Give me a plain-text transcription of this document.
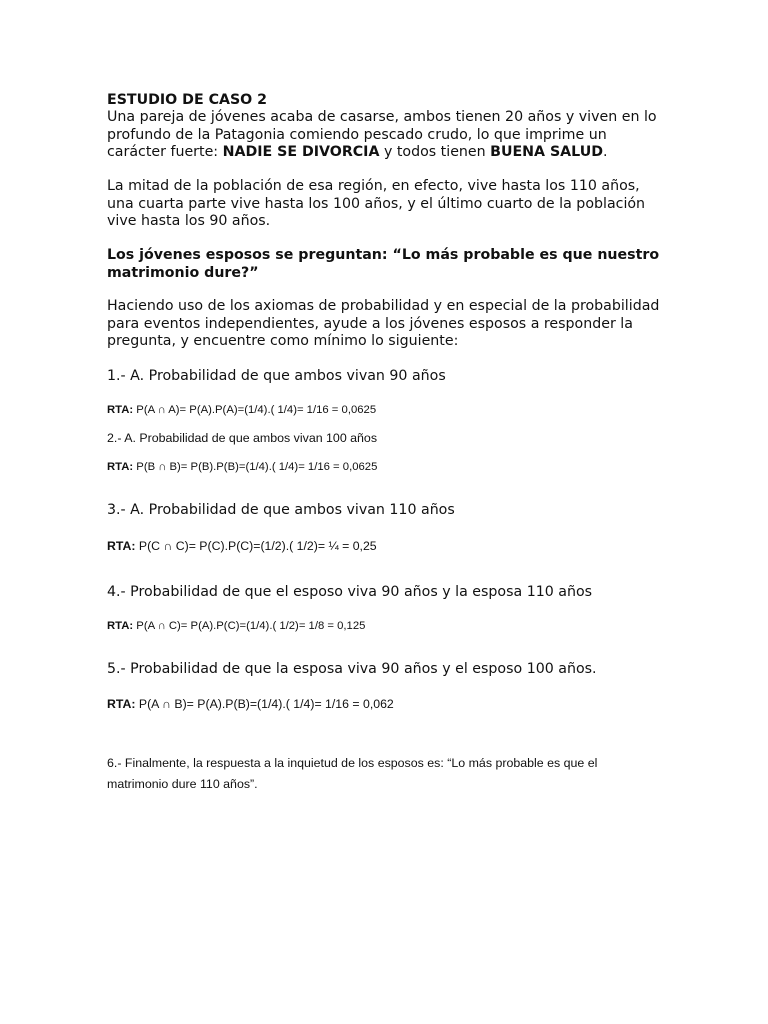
ESTUDIO DE CASO 2

Una pareja de jóvenes acaba de casarse, ambos tienen 20 años y viven en lo profundo de la Patagonia comiendo pescado crudo, lo que imprime un carácter fuerte: NADIE SE DIVORCIA y todos tienen BUENA SALUD.

La mitad de la población de esa región, en efecto, vive hasta los 110 años, una cuarta parte vive hasta los 100 años, y el último cuarto de la población vive hasta los 90 años.

Los jóvenes esposos se preguntan: “Lo más probable es que nuestro matrimonio dure?”

Haciendo uso de los axiomas de probabilidad y en especial de la probabilidad para eventos independientes, ayude a los jóvenes esposos a responder la pregunta, y encuentre como mínimo lo siguiente:

1.- A. Probabilidad de que ambos vivan 90 años

RTA: P(A ∩ A)= P(A).P(A)=(1/4).( 1/4)= 1/16 = 0,0625

2.- A. Probabilidad de que ambos vivan 100 años

RTA: P(B ∩ B)= P(B).P(B)=(1/4).( 1/4)= 1/16 = 0,0625

3.- A. Probabilidad de que ambos vivan 110 años

RTA: P(C ∩ C)= P(C).P(C)=(1/2).( 1/2)= ¼ = 0,25

4.- Probabilidad de que el esposo viva 90 años y la esposa 110 años

RTA: P(A ∩ C)= P(A).P(C)=(1/4).( 1/2)= 1/8 = 0,125

5.- Probabilidad de que la esposa viva 90 años y el esposo 100 años.

RTA: P(A ∩ B)= P(A).P(B)=(1/4).( 1/4)= 1/16 = 0,062

6.- Finalmente, la respuesta a la inquietud de los esposos es: “Lo más probable es que el matrimonio dure 110 años”.
